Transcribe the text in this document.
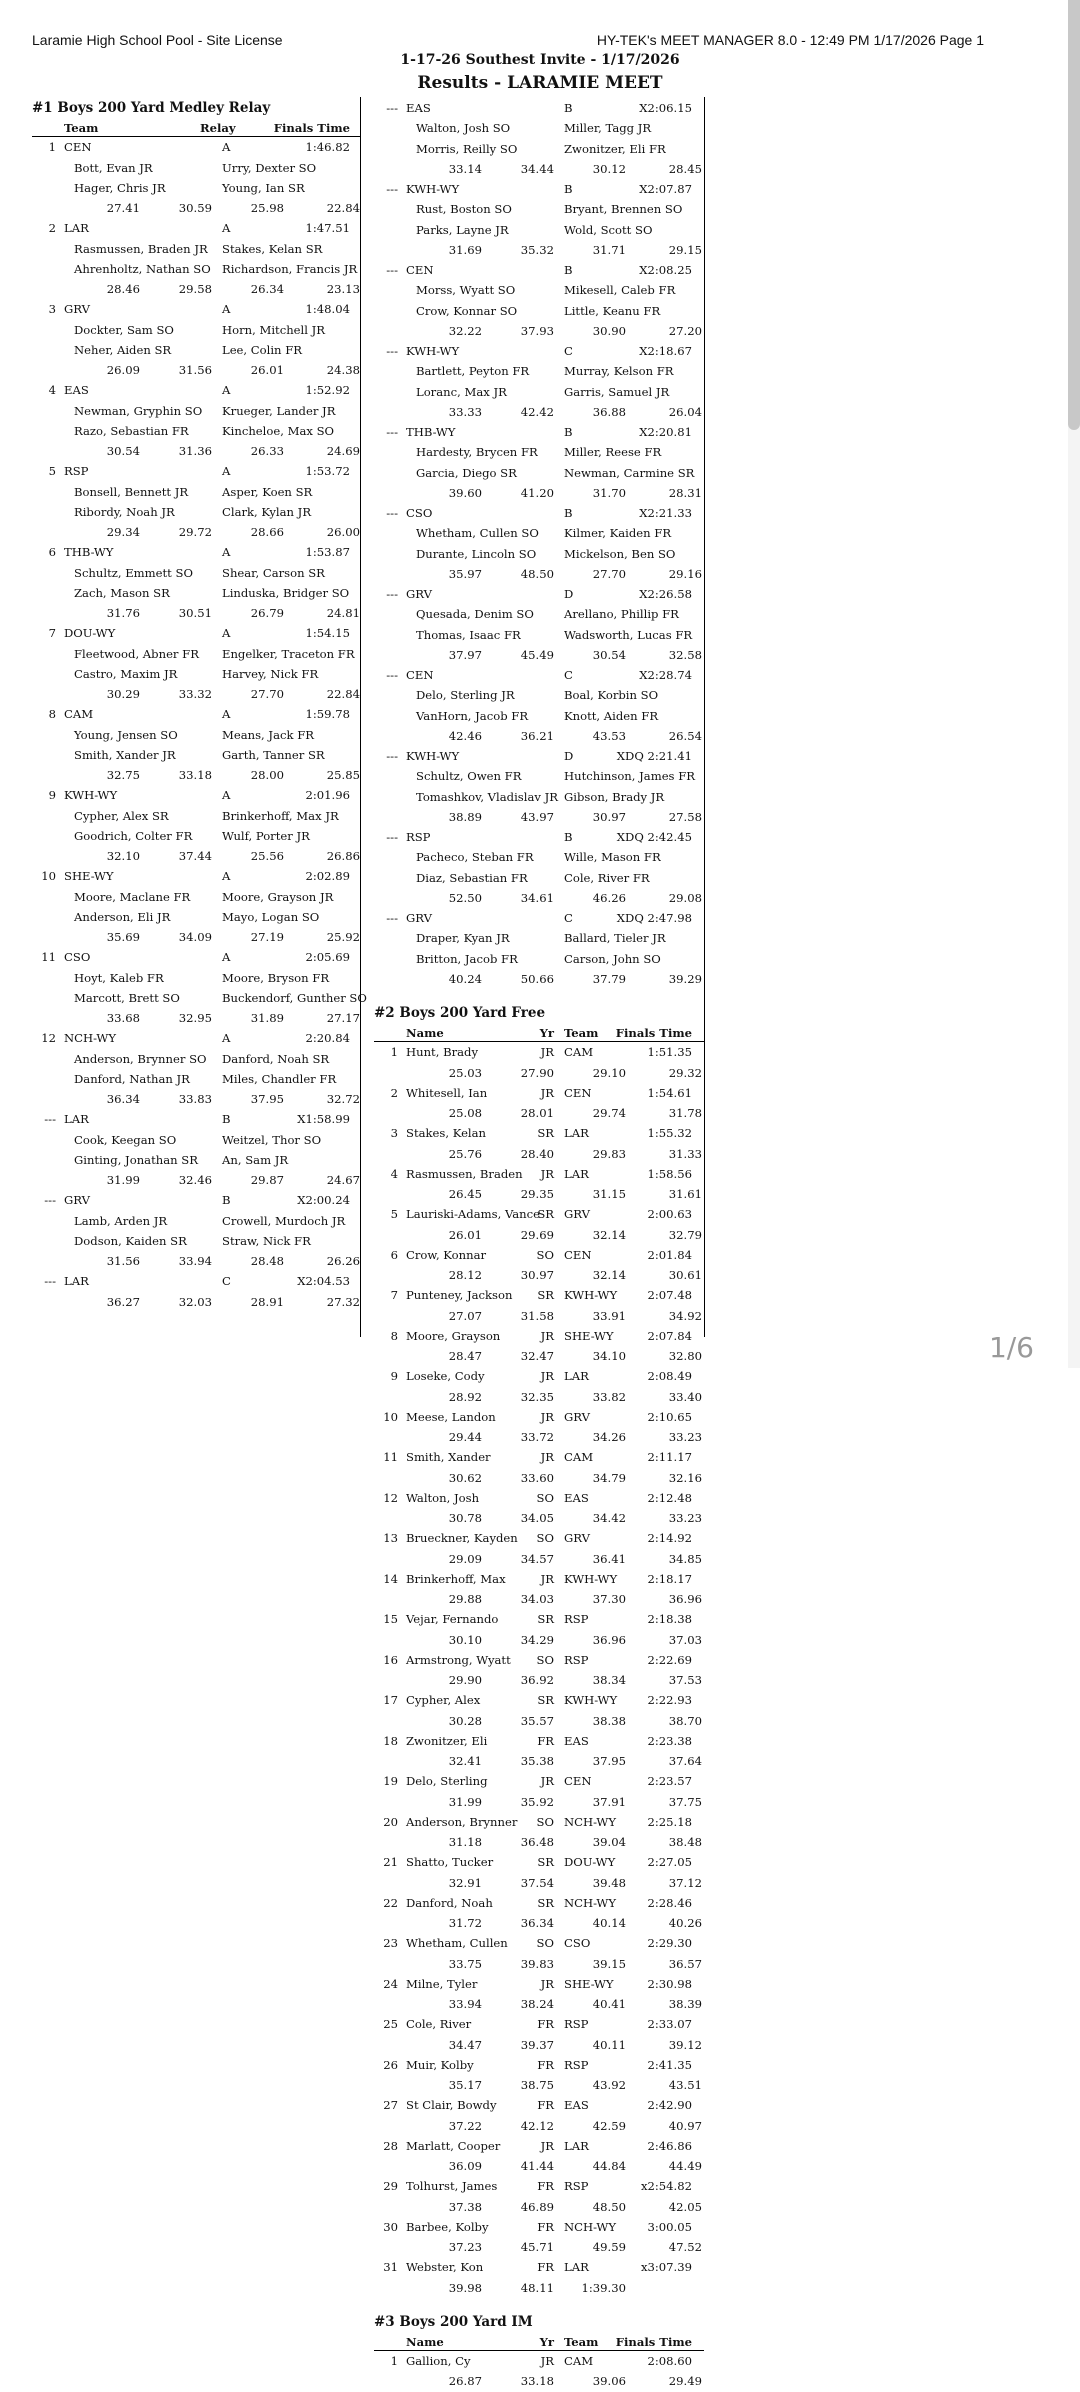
Laramie High School Pool - Site License	HY-TEK's MEET MANAGER 8.0 - 12:49 PM 1/17/2026 Page 1
1-17-26 Southest Invite - 1/17/2026
Results - LARAMIE MEET
#1 Boys 200 Yard Medley Relay
Team	Relay	Finals Time
1 CEN	A	1:46.82
Bott, Evan JR	Urry, Dexter SO
Hager, Chris JR	Young, Ian SR
27.41	30.59	25.98	22.84
2 LAR	A	1:47.51
Rasmussen, Braden JR Stakes, Kelan SR
Ahrenholtz, Nathan SO Richardson, Francis JR
28.46	29.58	26.34	23.13
3 GRV	A	1:48.04
Dockter, Sam SO	Horn, Mitchell JR
Neher, Aiden SR	Lee, Colin FR
26.09	31.56	26.01	24.38
4 EAS	A	1:52.92
Newman, Gryphin SO Krueger, Lander JR
Razo, Sebastian FR	Kincheloe, Max SO
30.54	31.36	26.33	24.69
5 RSP	A	1:53.72
Bonsell, Bennett JR	Asper, Koen SR
Ribordy, Noah JR	Clark, Kylan JR
29.34	29.72	28.66	26.00
6 THB-WY	A	1:53.87
Schultz, Emmett SO	Shear, Carson SR
Zach, Mason SR	Linduska, Bridger SO
31.76	30.51	26.79	24.81
7 DOU-WY	A	1:54.15
Fleetwood, Abner FR Engelker, Traceton FR
Castro, Maxim JR	Harvey, Nick FR
30.29	33.32	27.70	22.84
8 CAM	A	1:59.78
Young, Jensen SO	Means, Jack FR
Smith, Xander JR	Garth, Tanner SR
32.75	33.18	28.00	25.85
9 KWH-WY	A	2:01.96
Cypher, Alex SR	Brinkerhoff, Max JR
Goodrich, Colter FR	Wulf, Porter JR
32.10	37.44	25.56	26.86
10 SHE-WY	A	2:02.89
Moore, Maclane FR	Moore, Grayson JR
Anderson, Eli JR	Mayo, Logan SO
35.69	34.09	27.19	25.92
11 CSO	A	2:05.69
Hoyt, Kaleb FR	Moore, Bryson FR
Marcott, Brett SO	Buckendorf, Gunther SO
33.68	32.95	31.89	27.17
12 NCH-WY	A	2:20.84
Anderson, Brynner SO Danford, Noah SR
Danford, Nathan JR	Miles, Chandler FR
36.34	33.83	37.95	32.72
--- LAR	B	X1:58.99
Cook, Keegan SO	Weitzel, Thor SO
Ginting, Jonathan SR An, Sam JR
31.99	32.46	29.87	24.67
--- GRV	B	X2:00.24
Lamb, Arden JR	Crowell, Murdoch JR
Dodson, Kaiden SR	Straw, Nick FR
31.56	33.94	28.48	26.26
--- LAR	C	X2:04.53
36.27	32.03	28.91	27.32
--- EAS	B	X2:06.15
Walton, Josh SO	Miller, Tagg JR
Morris, Reilly SO	Zwonitzer, Eli FR
33.14	34.44	30.12	28.45
--- KWH-WY	B	X2:07.87
Rust, Boston SO	Bryant, Brennen SO
Parks, Layne JR	Wold, Scott SO
31.69	35.32	31.71	29.15
--- CEN	B	X2:08.25
Morss, Wyatt SO	Mikesell, Caleb FR
Crow, Konnar SO	Little, Keanu FR
32.22	37.93	30.90	27.20
--- KWH-WY	C	X2:18.67
Bartlett, Peyton FR	Murray, Kelson FR
Loranc, Max JR	Garris, Samuel JR
33.33	42.42	36.88	26.04
--- THB-WY	B	X2:20.81
Hardesty, Brycen FR Miller, Reese FR
Garcia, Diego SR	Newman, Carmine SR
39.60	41.20	31.70	28.31
--- CSO	B	X2:21.33
Whetham, Cullen SO Kilmer, Kaiden FR
Durante, Lincoln SO Mickelson, Ben SO
35.97	48.50	27.70	29.16
--- GRV	D	X2:26.58
Quesada, Denim SO	Arellano, Phillip FR
Thomas, Isaac FR	Wadsworth, Lucas FR
37.97	45.49	30.54	32.58
--- CEN	C	X2:28.74
Delo, Sterling JR	Boal, Korbin SO
VanHorn, Jacob FR	Knott, Aiden FR
42.46	36.21	43.53	26.54
--- KWH-WY	D	XDQ 2:21.41
Schultz, Owen FR	Hutchinson, James FR
Tomashkov, Vladislav JR Gibson, Brady JR
38.89	43.97	30.97	27.58
--- RSP	B	XDQ 2:42.45
Pacheco, Steban FR	Wille, Mason FR
Diaz, Sebastian FR	Cole, River FR
52.50	34.61	46.26	29.08
--- GRV	C	XDQ 2:47.98
Draper, Kyan JR	Ballard, Tieler JR
Britton, Jacob FR	Carson, John SO
40.24	50.66	37.79	39.29
#2 Boys 200 Yard Free
Name	Yr Team	Finals Time
1 Hunt, Brady	JR CAM	1:51.35
25.03	27.90	29.10	29.32
2 Whitesell, Ian	JR CEN	1:54.61
25.08	28.01	29.74	31.78
3 Stakes, Kelan	SR LAR	1:55.32
25.76	28.40	29.83	31.33
4 Rasmussen, Braden	JR LAR	1:58.56
26.45	29.35	31.15	31.61
5 Lauriski-Adams, Vance
SR GRV	2:00.63
26.01	29.69	32.14	32.79
6 Crow, Konnar	SO CEN	2:01.84
28.12	30.97	32.14	30.61
7 Punteney, Jackson	SR KWH-WY	2:07.48
27.07	31.58	33.91	34.92
8 Moore, Grayson	JR SHE-WY	2:07.84
28.47	32.47	34.10	32.80
9 Loseke, Cody	JR LAR	2:08.49
28.92	32.35	33.82	33.40
10 Meese, Landon	JR GRV	2:10.65
29.44	33.72	34.26	33.23
11 Smith, Xander	JR CAM	2:11.17
30.62	33.60	34.79	32.16
12 Walton, Josh	SO EAS	2:12.48
30.78	34.05	34.42	33.23
13 Brueckner, Kayden	SO GRV	2:14.92
29.09	34.57	36.41	34.85
14 Brinkerhoff, Max	JR KWH-WY	2:18.17
29.88	34.03	37.30	36.96
15 Vejar, Fernando	SR RSP	2:18.38
30.10	34.29	36.96	37.03
16 Armstrong, Wyatt	SO RSP	2:22.69
29.90	36.92	38.34	37.53
17 Cypher, Alex	SR KWH-WY	2:22.93
30.28	35.57	38.38	38.70
18 Zwonitzer, Eli	FR EAS	2:23.38
32.41	35.38	37.95	37.64
19 Delo, Sterling	JR CEN	2:23.57
31.99	35.92	37.91	37.75
20 Anderson, Brynner	SO NCH-WY	2:25.18
31.18	36.48	39.04	38.48
21 Shatto, Tucker	SR DOU-WY	2:27.05
32.91	37.54	39.48	37.12
22 Danford, Noah	SR NCH-WY	2:28.46
31.72	36.34	40.14	40.26
23 Whetham, Cullen	SO CSO	2:29.30
33.75	39.83	39.15	36.57
24 Milne, Tyler	JR SHE-WY	2:30.98
33.94	38.24	40.41	38.39
25 Cole, River	FR RSP	2:33.07
34.47	39.37	40.11	39.12
26 Muir, Kolby	FR RSP	2:41.35
35.17	38.75	43.92	43.51
27 St Clair, Bowdy	FR EAS	2:42.90
37.22	42.12	42.59	40.97
28 Marlatt, Cooper	JR LAR	2:46.86
36.09	41.44	44.84	44.49
29 Tolhurst, James	FR RSP	x2:54.82
37.38	46.89	48.50	42.05
30 Barbee, Kolby	FR NCH-WY	3:00.05
37.23	45.71	49.59	47.52
31 Webster, Kon	FR LAR	x3:07.39
39.98	48.11	1:39.30
#3 Boys 200 Yard IM
Name	Yr Team	Finals Time
1 Gallion, Cy	JR CAM	2:08.60
26.87	33.18	39.06	29.49
1/6
